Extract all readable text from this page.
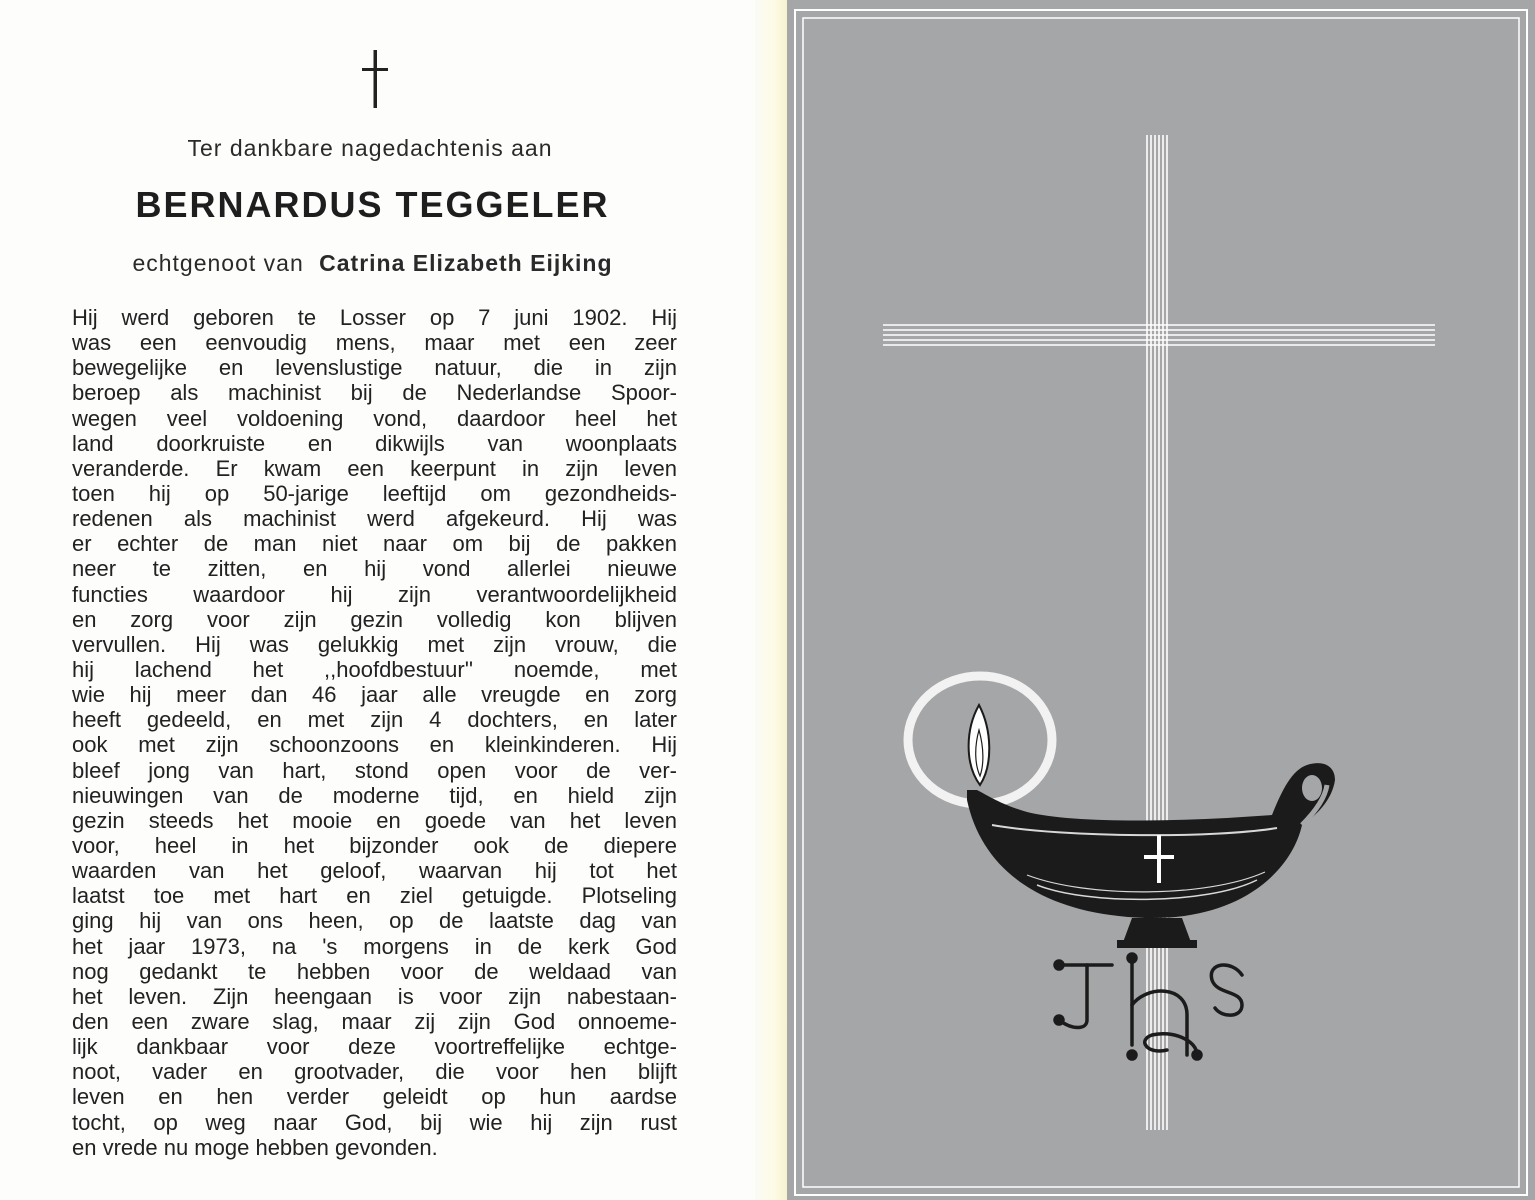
Ter dankbare nagedachtenis aan
BERNARDUS TEGGELER
echtgenoot van Catrina Elizabeth Eijking
Hij werd geboren te Losser op 7 juni 1902. Hij
was een eenvoudig mens, maar met een zeer
bewegelijke en levenslustige natuur, die in zijn
beroep als machinist bij de Nederlandse Spoor-
wegen veel voldoening vond, daardoor heel het
land doorkruiste en dikwijls van woonplaats
veranderde. Er kwam een keerpunt in zijn leven
toen hij op 50-jarige leeftijd om gezondheids-
redenen als machinist werd afgekeurd. Hij was
er echter de man niet naar om bij de pakken
neer te zitten, en hij vond allerlei nieuwe
functies waardoor hij zijn verantwoordelijkheid
en zorg voor zijn gezin volledig kon blijven
vervullen. Hij was gelukkig met zijn vrouw, die
hij lachend het ,,hoofdbestuur'' noemde, met
wie hij meer dan 46 jaar alle vreugde en zorg
heeft gedeeld, en met zijn 4 dochters, en later
ook met zijn schoonzoons en kleinkinderen. Hij
bleef jong van hart, stond open voor de ver-
nieuwingen van de moderne tijd, en hield zijn
gezin steeds het mooie en goede van het leven
voor, heel in het bijzonder ook de diepere
waarden van het geloof, waarvan hij tot het
laatst toe met hart en ziel getuigde. Plotseling
ging hij van ons heen, op de laatste dag van
het jaar 1973, na 's morgens in de kerk God
nog gedankt te hebben voor de weldaad van
het leven. Zijn heengaan is voor zijn nabestaan-
den een zware slag, maar zij zijn God onnoeme-
lijk dankbaar voor deze voortreffelijke echtge-
noot, vader en grootvader, die voor hen blijft
leven en hen verder geleidt op hun aardse
tocht, op weg naar God, bij wie hij zijn rust
en vrede nu moge hebben gevonden.
